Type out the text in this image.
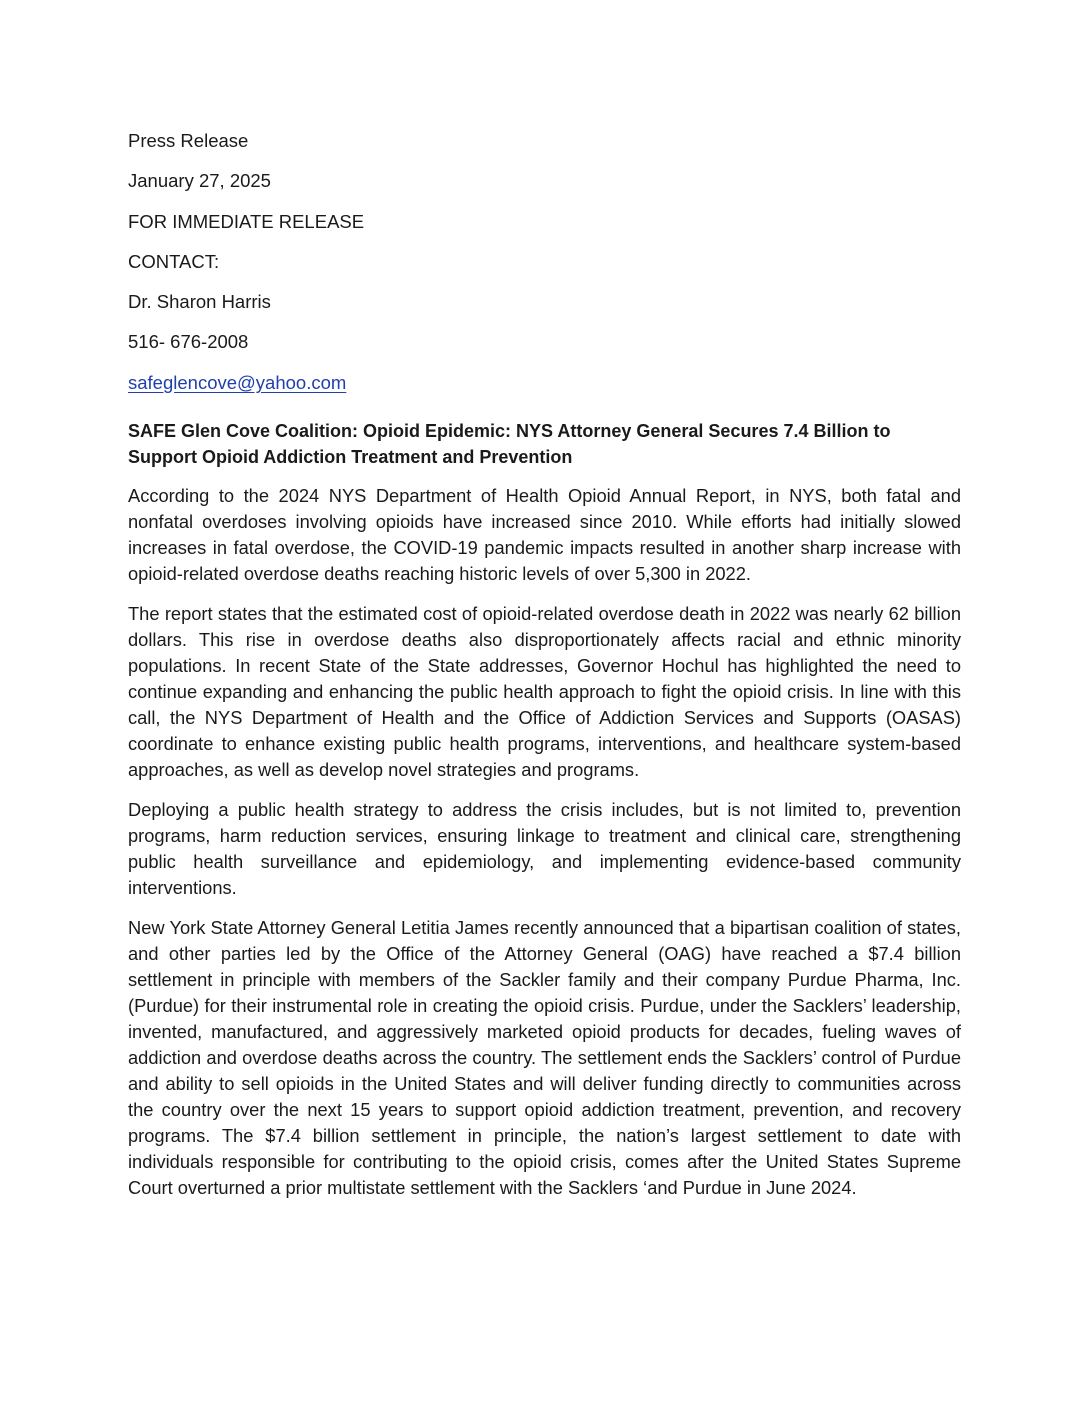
Press Release
January 27, 2025
FOR IMMEDIATE RELEASE
CONTACT:
Dr. Sharon Harris
516- 676-2008
safeglencove@yahoo.com
SAFE Glen Cove Coalition: Opioid Epidemic: NYS Attorney General Secures 7.4 Billion to Support Opioid Addiction Treatment and Prevention

According to the 2024 NYS Department of Health Opioid Annual Report, in NYS, both fatal and nonfatal overdoses involving opioids have increased since 2010. While efforts had initially slowed increases in fatal overdose, the COVID-19 pandemic impacts resulted in another sharp increase with opioid-related overdose deaths reaching historic levels of over 5,300 in 2022.

The report states that the estimated cost of opioid-related overdose death in 2022 was nearly 62 billion dollars. This rise in overdose deaths also disproportionately affects racial and ethnic minority populations. In recent State of the State addresses, Governor Hochul has highlighted the need to continue expanding and enhancing the public health approach to fight the opioid crisis. In line with this call, the NYS Department of Health and the Office of Addiction Services and Supports (OASAS) coordinate to enhance existing public health programs, interventions, and healthcare system-based approaches, as well as develop novel strategies and programs.

Deploying a public health strategy to address the crisis includes, but is not limited to, prevention programs, harm reduction services, ensuring linkage to treatment and clinical care, strengthening public health surveillance and epidemiology, and implementing evidence-based community interventions.

New York State Attorney General Letitia James recently announced that a bipartisan coalition of states, and other parties led by the Office of the Attorney General (OAG) have reached a $7.4 billion settlement in principle with members of the Sackler family and their company Purdue Pharma, Inc. (Purdue) for their instrumental role in creating the opioid crisis. Purdue, under the Sacklers’ leadership, invented, manufactured, and aggressively marketed opioid products for decades, fueling waves of addiction and overdose deaths across the country. The settlement ends the Sacklers’ control of Purdue and ability to sell opioids in the United States and will deliver funding directly to communities across the country over the next 15 years to support opioid addiction treatment, prevention, and recovery programs. The $7.4 billion settlement in principle, the nation’s largest settlement to date with individuals responsible for contributing to the opioid crisis, comes after the United States Supreme Court overturned a prior multistate settlement with the Sacklers ‘and Purdue in June 2024.
